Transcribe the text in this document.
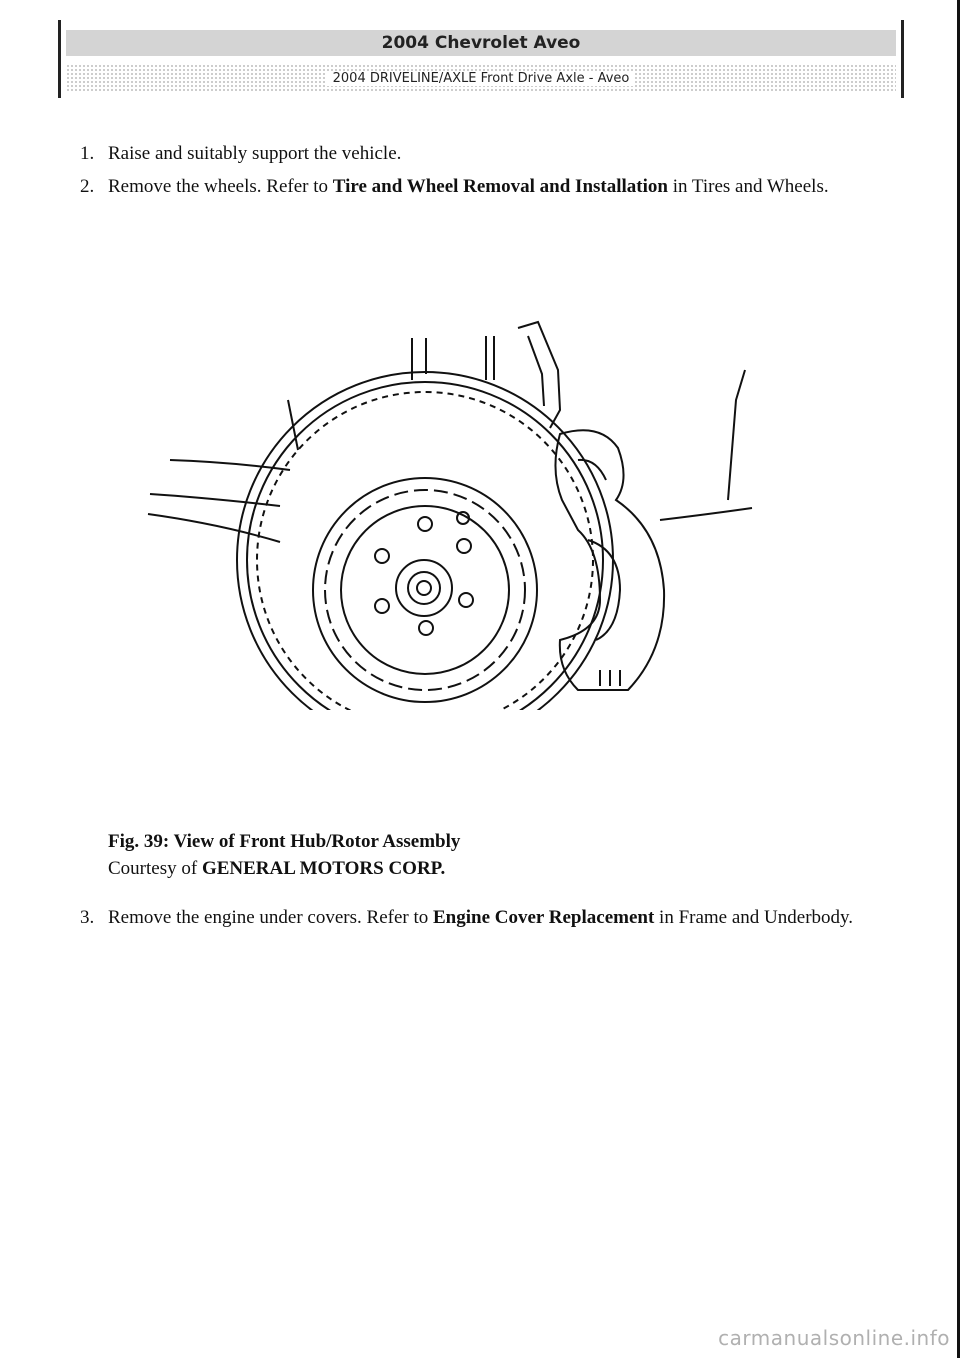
2004 Chevrolet Aveo
2004 DRIVELINE/AXLE Front Drive Axle - Aveo
1. Raise and suitably support the vehicle.
2. Remove the wheels. Refer to Tire and Wheel Removal and Installation in Tires and Wheels.
Fig. 39: View of Front Hub/Rotor Assembly
Courtesy of GENERAL MOTORS CORP.
3. Remove the engine under covers. Refer to Engine Cover Replacement in Frame and Underbody.
carmanualsonline.info
